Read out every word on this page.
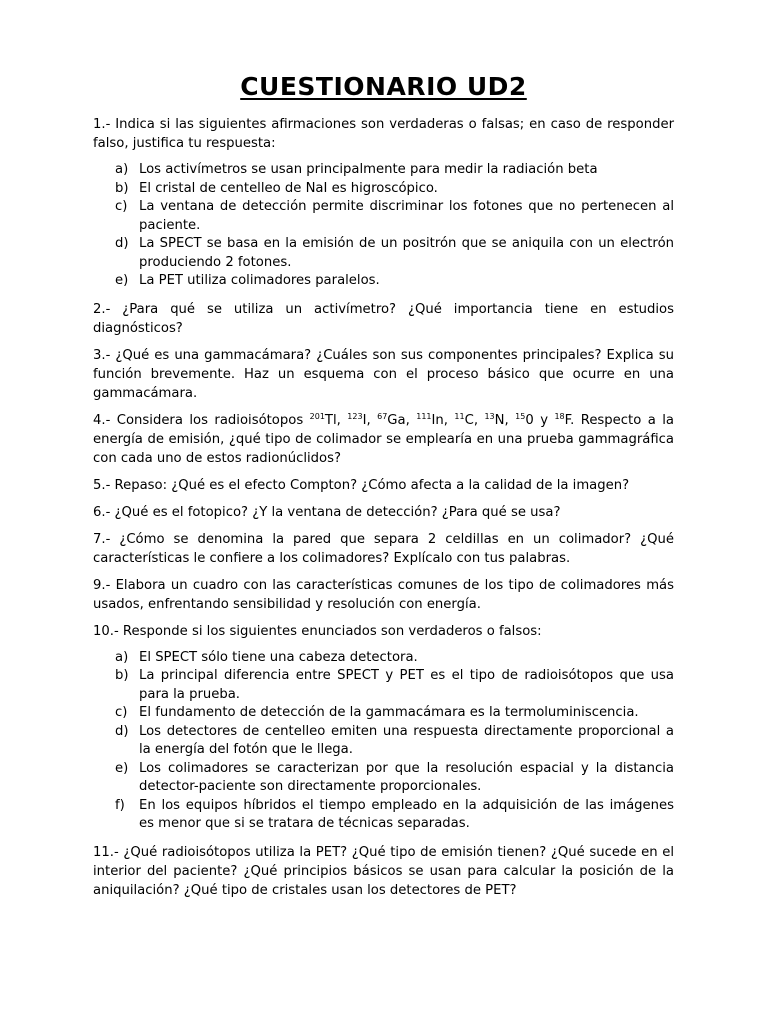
CUESTIONARIO UD2

1.- Indica si las siguientes afirmaciones son verdaderas o falsas; en caso de responder falso, justifica tu respuesta:

a) Los activímetros se usan principalmente para medir la radiación beta
b) El cristal de centelleo de NaI es higroscópico.
c) La ventana de detección permite discriminar los fotones que no pertenecen al paciente.
d) La SPECT se basa en la emisión de un positrón que se aniquila con un electrón produciendo 2 fotones.
e) La PET utiliza colimadores paralelos.

2.- ¿Para qué se utiliza un activímetro? ¿Qué importancia tiene en estudios diagnósticos?

3.- ¿Qué es una gammacámara? ¿Cuáles son sus componentes principales? Explica su función brevemente. Haz un esquema con el proceso básico que ocurre en una gammacámara.

4.- Considera los radioisótopos $^{201}$Tl, $^{123}$I, $^{67}$Ga, $^{111}$In, $^{11}$C, $^{13}$N, $^{15}$0 y $^{18}$F. Respecto a la energía de emisión, ¿qué tipo de colimador se emplearía en una prueba gammagráfica con cada uno de estos radionúclidos?

5.- Repaso: ¿Qué es el efecto Compton? ¿Cómo afecta a la calidad de la imagen?

6.- ¿Qué es el fotopico? ¿Y la ventana de detección? ¿Para qué se usa?

7.- ¿Cómo se denomina la pared que separa 2 celdillas en un colimador? ¿Qué características le confiere a los colimadores? Explícalo con tus palabras.

9.- Elabora un cuadro con las características comunes de los tipo de colimadores más usados, enfrentando sensibilidad y resolución con energía.

10.- Responde si los siguientes enunciados son verdaderos o falsos:

a) El SPECT sólo tiene una cabeza detectora.
b) La principal diferencia entre SPECT y PET es el tipo de radioisótopos que usa para la prueba.
c) El fundamento de detección de la gammacámara es la termoluminiscencia.
d) Los detectores de centelleo emiten una respuesta directamente proporcional a la energía del fotón que le llega.
e) Los colimadores se caracterizan por que la resolución espacial y la distancia detector-paciente son directamente proporcionales.
f) En los equipos híbridos el tiempo empleado en la adquisición de las imágenes es menor que si se tratara de técnicas separadas.

11.- ¿Qué radioisótopos utiliza la PET? ¿Qué tipo de emisión tienen? ¿Qué sucede en el interior del paciente? ¿Qué principios básicos se usan para calcular la posición de la aniquilación? ¿Qué tipo de cristales usan los detectores de PET?
